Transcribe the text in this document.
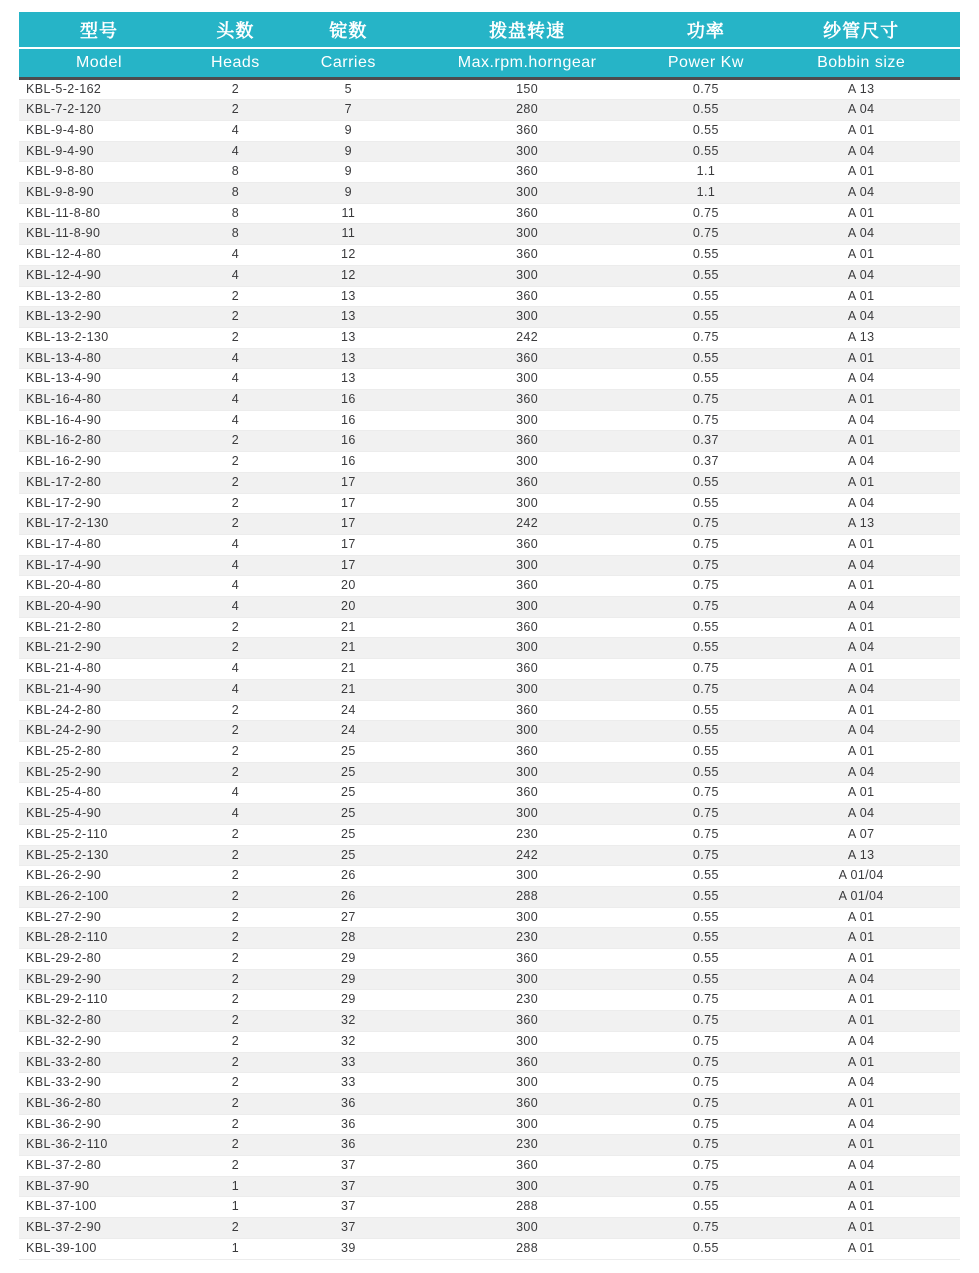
型号	头数	锭数	拨盘转速	功率	纱管尺寸
Model	Heads	Carries	Max.rpm.horngear	Power Kw	Bobbin size
KBL-5-2-162	2	5	150	0.75	A 13
KBL-7-2-120	2	7	280	0.55	A 04
KBL-9-4-80	4	9	360	0.55	A 01
KBL-9-4-90	4	9	300	0.55	A 04
KBL-9-8-80	8	9	360	1.1	A 01
KBL-9-8-90	8	9	300	1.1	A 04
KBL-11-8-80	8	11	360	0.75	A 01
KBL-11-8-90	8	11	300	0.75	A 04
KBL-12-4-80	4	12	360	0.55	A 01
KBL-12-4-90	4	12	300	0.55	A 04
KBL-13-2-80	2	13	360	0.55	A 01
KBL-13-2-90	2	13	300	0.55	A 04
KBL-13-2-130	2	13	242	0.75	A 13
KBL-13-4-80	4	13	360	0.55	A 01
KBL-13-4-90	4	13	300	0.55	A 04
KBL-16-4-80	4	16	360	0.75	A 01
KBL-16-4-90	4	16	300	0.75	A 04
KBL-16-2-80	2	16	360	0.37	A 01
KBL-16-2-90	2	16	300	0.37	A 04
KBL-17-2-80	2	17	360	0.55	A 01
KBL-17-2-90	2	17	300	0.55	A 04
KBL-17-2-130	2	17	242	0.75	A 13
KBL-17-4-80	4	17	360	0.75	A 01
KBL-17-4-90	4	17	300	0.75	A 04
KBL-20-4-80	4	20	360	0.75	A 01
KBL-20-4-90	4	20	300	0.75	A 04
KBL-21-2-80	2	21	360	0.55	A 01
KBL-21-2-90	2	21	300	0.55	A 04
KBL-21-4-80	4	21	360	0.75	A 01
KBL-21-4-90	4	21	300	0.75	A 04
KBL-24-2-80	2	24	360	0.55	A 01
KBL-24-2-90	2	24	300	0.55	A 04
KBL-25-2-80	2	25	360	0.55	A 01
KBL-25-2-90	2	25	300	0.55	A 04
KBL-25-4-80	4	25	360	0.75	A 01
KBL-25-4-90	4	25	300	0.75	A 04
KBL-25-2-110	2	25	230	0.75	A 07
KBL-25-2-130	2	25	242	0.75	A 13
KBL-26-2-90	2	26	300	0.55	A 01/04
KBL-26-2-100	2	26	288	0.55	A 01/04
KBL-27-2-90	2	27	300	0.55	A 01
KBL-28-2-110	2	28	230	0.55	A 01
KBL-29-2-80	2	29	360	0.55	A 01
KBL-29-2-90	2	29	300	0.55	A 04
KBL-29-2-110	2	29	230	0.75	A 01
KBL-32-2-80	2	32	360	0.75	A 01
KBL-32-2-90	2	32	300	0.75	A 04
KBL-33-2-80	2	33	360	0.75	A 01
KBL-33-2-90	2	33	300	0.75	A 04
KBL-36-2-80	2	36	360	0.75	A 01
KBL-36-2-90	2	36	300	0.75	A 04
KBL-36-2-110	2	36	230	0.75	A 01
KBL-37-2-80	2	37	360	0.75	A 04
KBL-37-90	1	37	300	0.75	A 01
KBL-37-100	1	37	288	0.55	A 01
KBL-37-2-90	2	37	300	0.75	A 01
KBL-39-100	1	39	288	0.55	A 01
